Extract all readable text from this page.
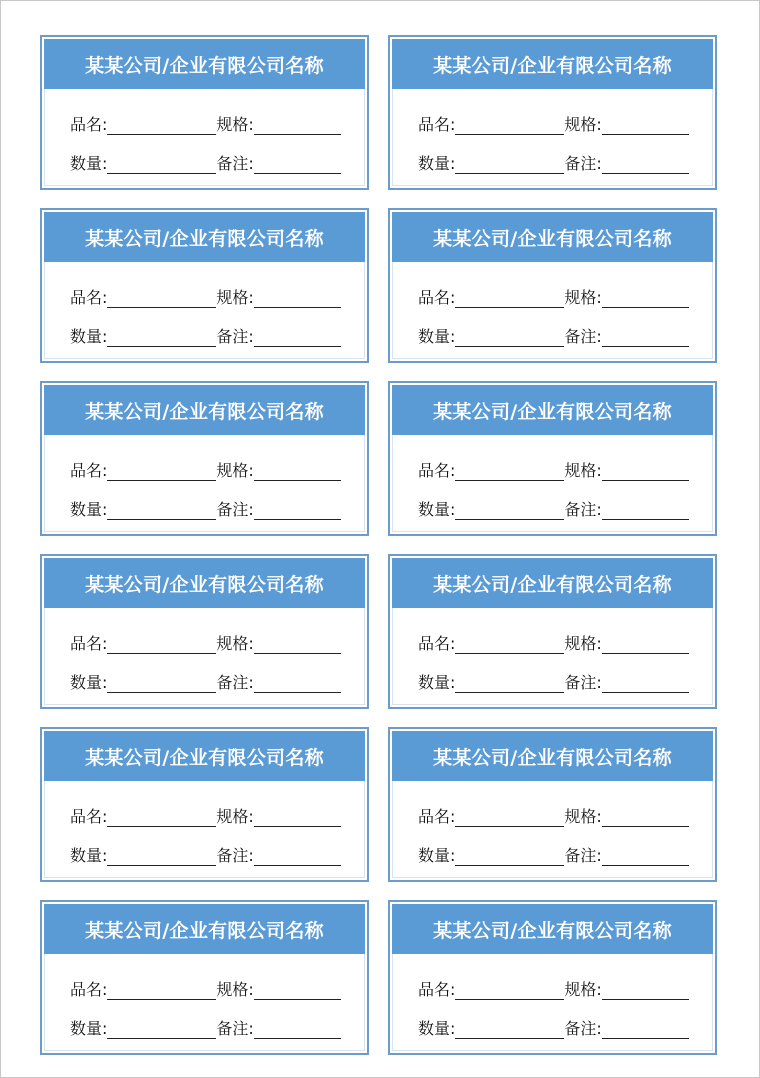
某某公司/企业有限公司名称
品名:	规格:
数量:	备注:
某某公司/企业有限公司名称
品名:	规格:
数量:	备注:
某某公司/企业有限公司名称
品名:	规格:
数量:	备注:
某某公司/企业有限公司名称
品名:	规格:
数量:	备注:
某某公司/企业有限公司名称
品名:	规格:
数量:	备注:
某某公司/企业有限公司名称
品名:	规格:
数量:	备注:
某某公司/企业有限公司名称
品名:	规格:
数量:	备注:
某某公司/企业有限公司名称
品名:	规格:
数量:	备注:
某某公司/企业有限公司名称
品名:	规格:
数量:	备注:
某某公司/企业有限公司名称
品名:	规格:
数量:	备注:
某某公司/企业有限公司名称
品名:	规格:
数量:	备注:
某某公司/企业有限公司名称
品名:	规格:
数量:	备注:
